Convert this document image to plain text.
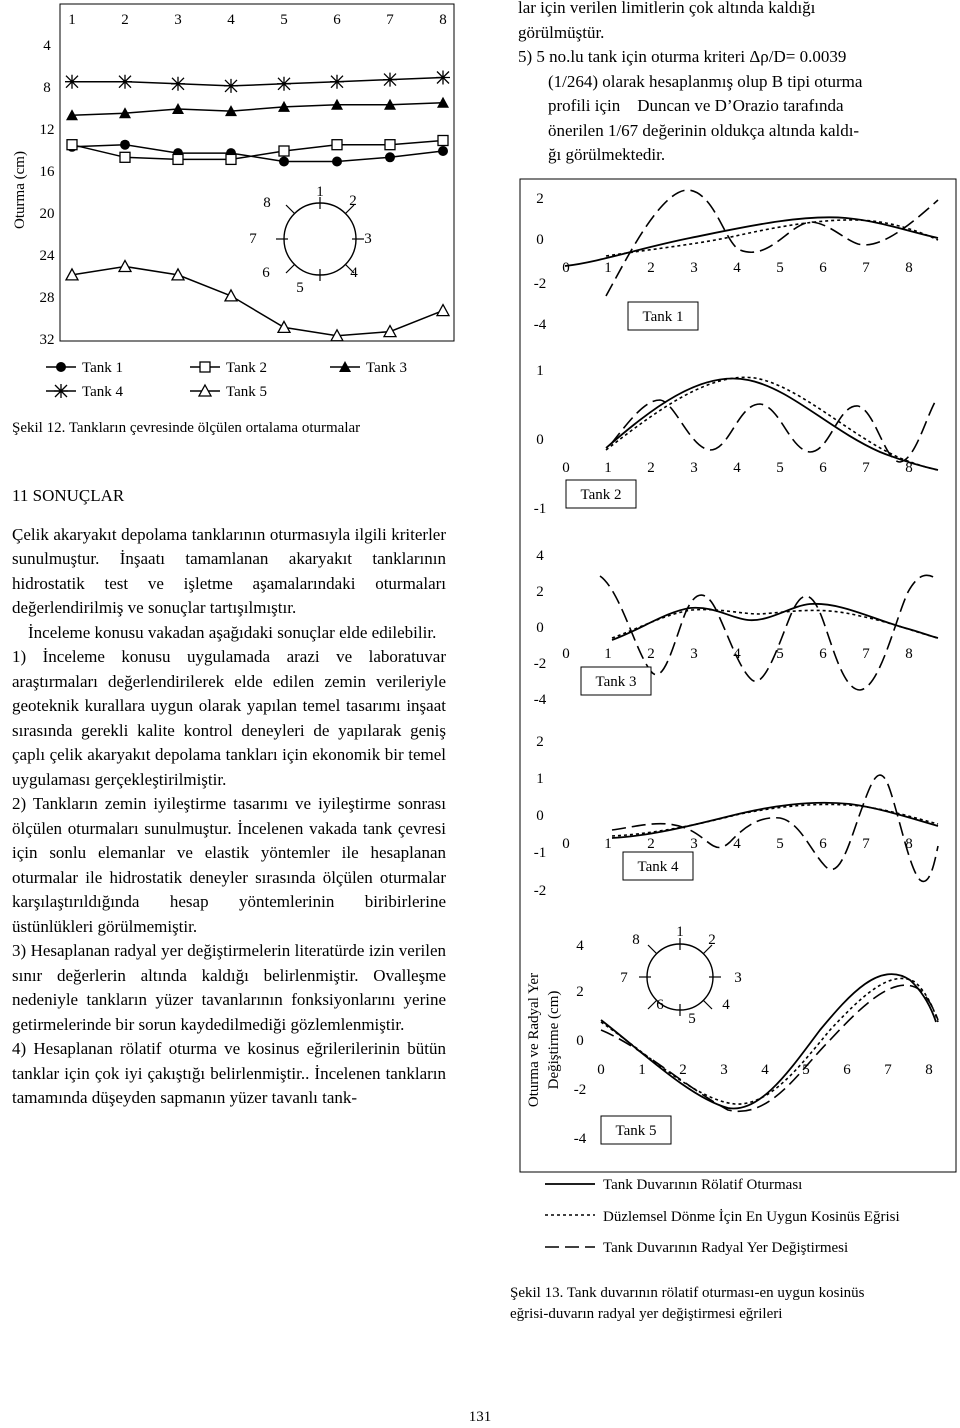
Oturma (cm)
1	2	3	4	5	6	7	8
4
8
12
16
20
24
28
32
1
2
3
4
5
6
7
8
Tank 1	Tank 2	Tank 3
Tank 4	Tank 5
Şekil 12. Tankların çevresinde ölçülen ortalama oturmalar
Oturma ve Radyal Yer Değiştirme (cm)
2
0
-2
-4
0 1 2 3 4 5 6 7 8
Tank 1
1
0
-1
0 1 2 3 4 5 6 7 8
Tank 2
4
2
0
-2
-4
0 1 2 3 4 5 6 7 8
Tank 3
2
1
0
-1
-2
0 1 2 3 4 5 6 7 8
Tank 4
4
2
0
-2
-4
0 1 2 3 4 5 6 7 8
1 2
3
4
5
6
7
8
Tank 5
Tank Duvarının Rölatif Oturması
Düzlemsel Dönme İçin En Uygun Kosinüs Eğrisi
Tank Duvarının Radyal Yer Değiştirmesi
Şekil 13. Tank duvarının rölatif oturması-en uygun kosinüs
eğrisi-duvarın radyal yer değiştirmesi eğrileri

11 SONUÇLAR

Çelik akaryakıt depolama tanklarının oturmasıyla ilgili kriterler sunulmuştur. İnşaatı tamamlanan akaryakıt tanklarının hidrostatik test ve işletme aşamalarındaki oturmaları değerlendirilmiş ve sonuçlar tartışılmıştır.

İnceleme konusu vakadan aşağıdaki sonuçlar elde edilebilir.

1) İnceleme konusu uygulamada arazi ve laboratuvar araştırmaları değerlendirilerek elde edilen zemin verileriyle geoteknik kurallara uygun olarak yapılan temel tasarımı inşaat sırasında gerekli kalite kontrol deneyleri de yapılarak geniş çaplı çelik akaryakıt depolama tankları için ekonomik bir temel uygulaması gerçekleştirilmiştir.

2) Tankların zemin iyileştirme tasarımı ve iyileştirme sonrası ölçülen oturmaları sunulmuştur. İncelenen vakada tank çevresi için sonlu elemanlar ve elastik yöntemler ile hesaplanan oturmalar ile hidrostatik deneyler sırasında ölçülen oturmalar karşılaştırıldığında hesap yöntemlerinin biribirlerine üstünlükleri görülmemiştir.

3) Hesaplanan radyal yer değiştirmelerin literatürde izin verilen sınır değerlerin altında kaldığı belirlenmiştir. Ovalleşme nedeniyle tankların yüzer tavanlarının fonksiyonlarını yerine getirmelerinde bir sorun kaydedilmediği gözlemlenmiştir.

4) Hesaplanan rölatif oturma ve kosinus eğrilerilerinin bütün tanklar için çok iyi çakıştığı belirlenmiştir.. İncelenen tankların tamamında düşeyden sapmanın yüzer tavanlı tank-

lar için verilen limitlerin çok altında kaldığı
görülmüştür.
5) 5 no.lu tank için oturma kriteri Δρ/D= 0.0039
(1/264) olarak hesaplanmış olup B tipi oturma
profili için    Duncan ve D’Orazio tarafında
önerilen 1/67 değerinin oldukça altında kaldı-
ğı görülmektedir.
131
